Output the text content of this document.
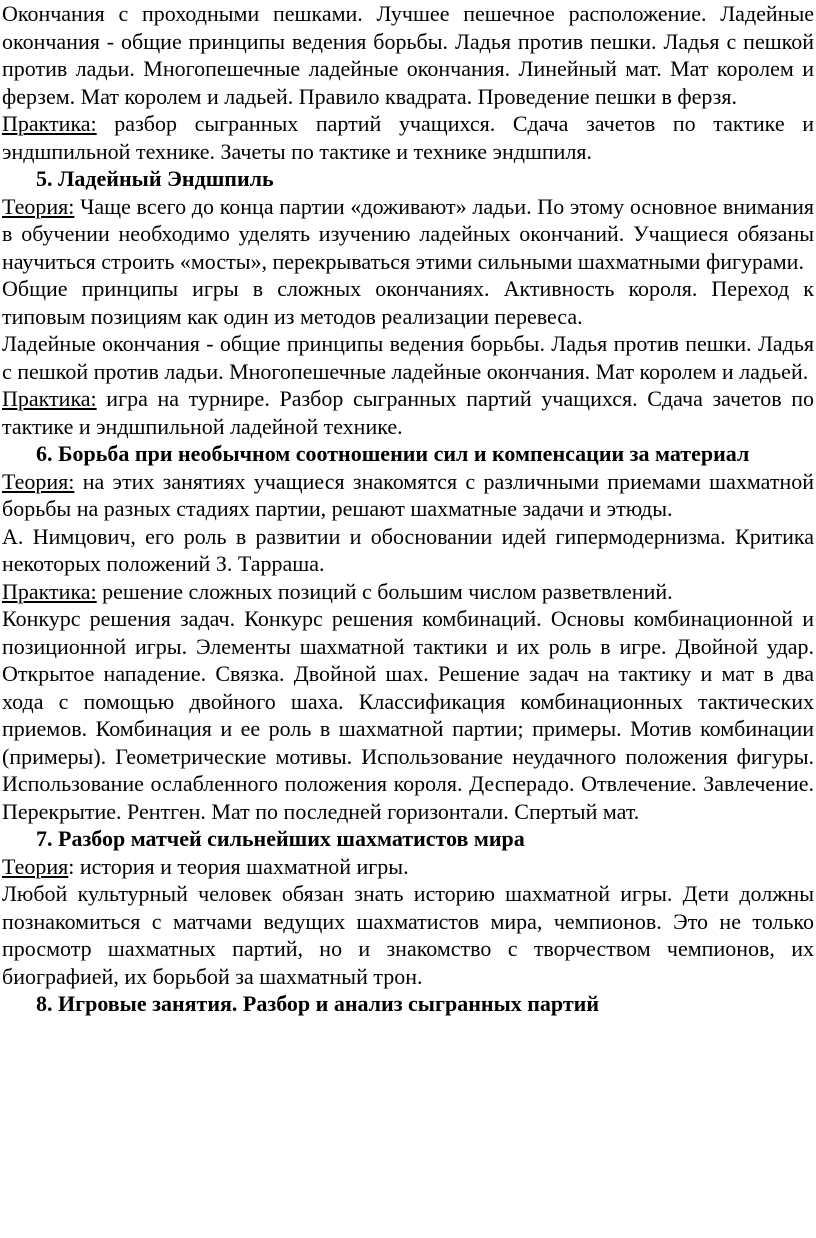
Окончания с проходными пешками. Лучшее пешечное расположение. Ладейные окончания - общие принципы ведения борьбы. Ладья против пешки. Ладья с пешкой против ладьи. Многопешечные ладейные окончания. Линейный мат. Мат королем и ферзем. Мат королем и ладьей. Правило квадрата. Проведение пешки в ферзя.

Практика: разбор сыгранных партий учащихся. Сдача зачетов по тактике и эндшпильной технике. Зачеты по тактике и технике эндшпиля.

5. Ладейный Эндшпиль

Теория: Чаще всего до конца партии «доживают» ладьи. По этому основное внимания в обучении необходимо уделять изучению ладейных окончаний. Учащиеся обязаны научиться строить «мосты», перекрываться этими сильными шахматными фигурами.

Общие принципы игры в сложных окончаниях. Активность короля. Переход к типовым позициям как один из методов реализации перевеса.

Ладейные окончания - общие принципы ведения борьбы. Ладья против пешки. Ладья с пешкой против ладьи. Многопешечные ладейные окончания. Мат королем и ладьей.

Практика: игра на турнире. Разбор сыгранных партий учащихся. Сдача зачетов по тактике и эндшпильной ладейной технике.

6. Борьба при необычном соотношении сил и компенсации за материал

Теория: на этих занятиях учащиеся знакомятся с различными приемами шахматной борьбы на разных стадиях партии, решают шахматные задачи и этюды.

А. Нимцович, его роль в развитии и обосновании идей гипермодернизма. Критика некоторых положений З. Тарраша.

Практика: решение сложных позиций с большим числом разветвлений.

Конкурс решения задач. Конкурс решения комбинаций. Основы комбинационной и позиционной игры. Элементы шахматной тактики и их роль в игре. Двойной удар. Открытое нападение. Связка. Двойной шах. Решение задач на тактику и мат в два хода с помощью двойного шаха. Классификация комбинационных тактических приемов. Комбинация и ее роль в шахматной партии; примеры. Мотив комбинации (примеры). Геометрические мотивы. Использование неудачного положения фигуры. Использование ослабленного положения короля. Десперадо. Отвлечение. Завлечение. Перекрытие. Рентген. Мат по последней горизонтали. Спертый мат.

7. Разбор матчей сильнейших шахматистов мира

Теория: история и теория шахматной игры.

Любой культурный человек обязан знать историю шахматной игры. Дети должны познакомиться с матчами ведущих шахматистов мира, чемпионов. Это не только просмотр шахматных партий, но и знакомство с творчеством чемпионов, их биографией, их борьбой за шахматный трон.

8. Игровые занятия. Разбор и анализ сыгранных партий
